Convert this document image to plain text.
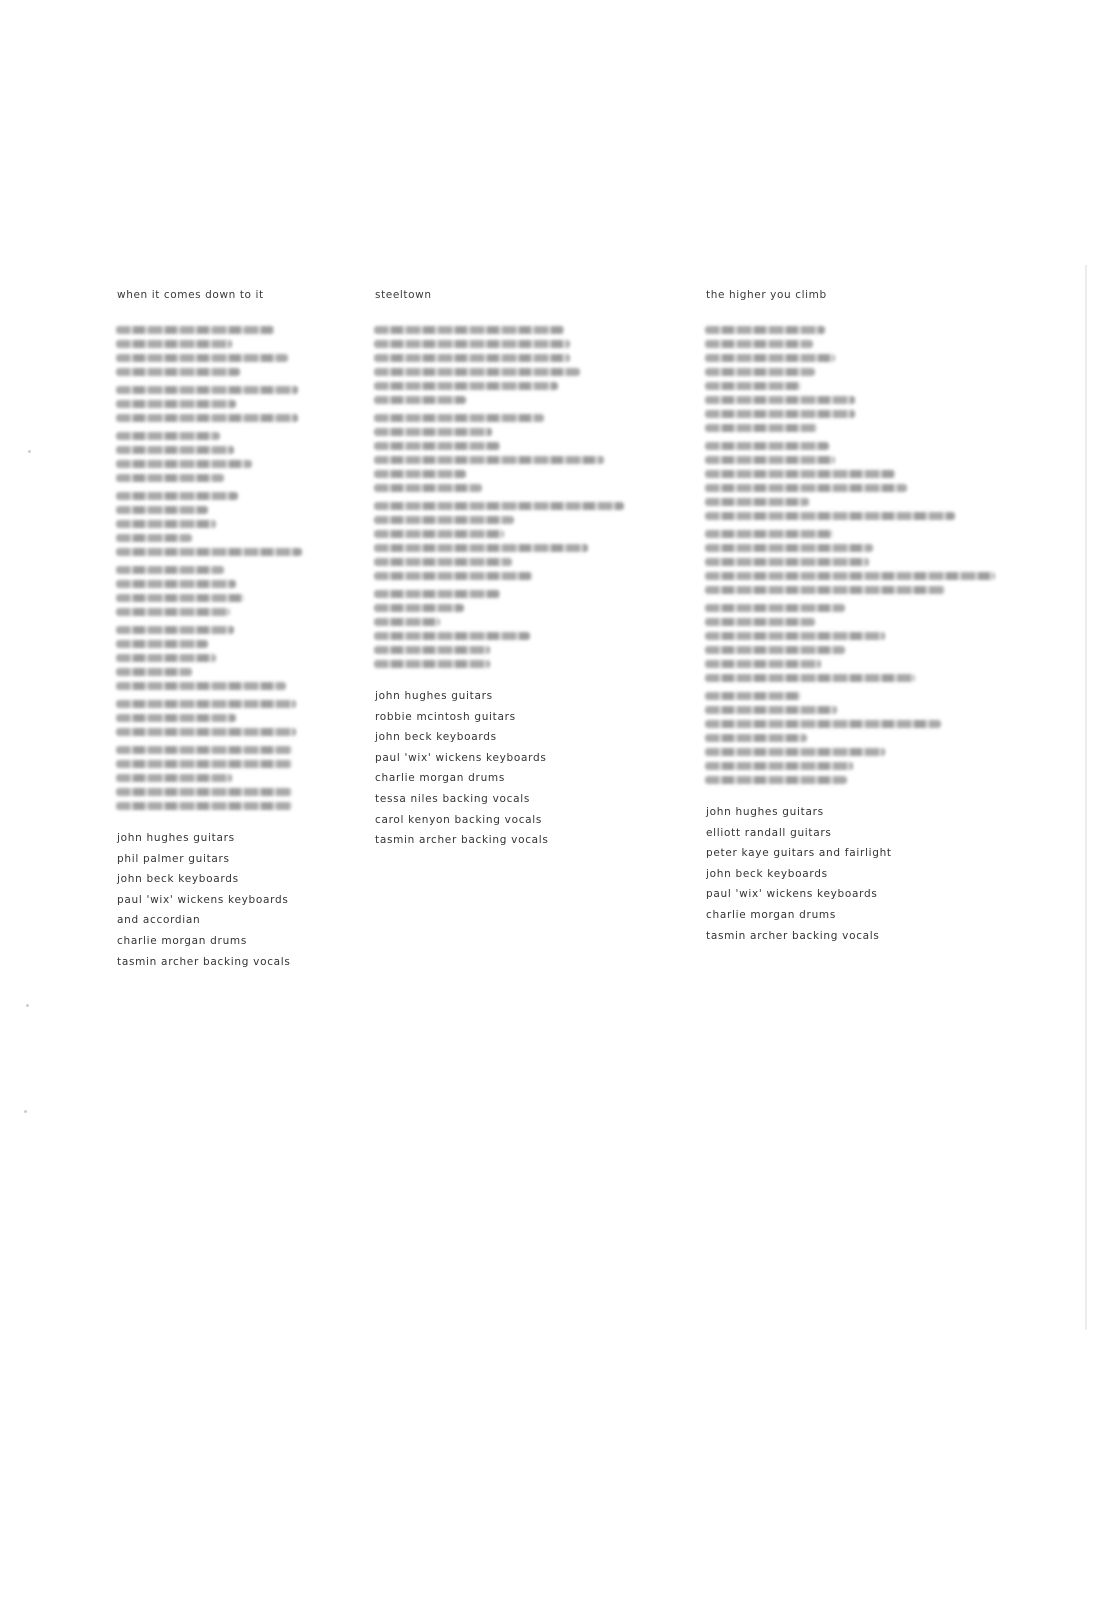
when it comes down to it
john hughes guitars
phil palmer guitars
john beck keyboards
paul 'wix' wickens keyboards
and accordian
charlie morgan drums
tasmin archer backing vocals
steeltown
john hughes guitars
robbie mcintosh guitars
john beck keyboards
paul 'wix' wickens keyboards
charlie morgan drums
tessa niles backing vocals
carol kenyon backing vocals
tasmin archer backing vocals
the higher you climb
john hughes guitars
elliott randall guitars
peter kaye guitars and fairlight
john beck keyboards
paul 'wix' wickens keyboards
charlie morgan drums
tasmin archer backing vocals
